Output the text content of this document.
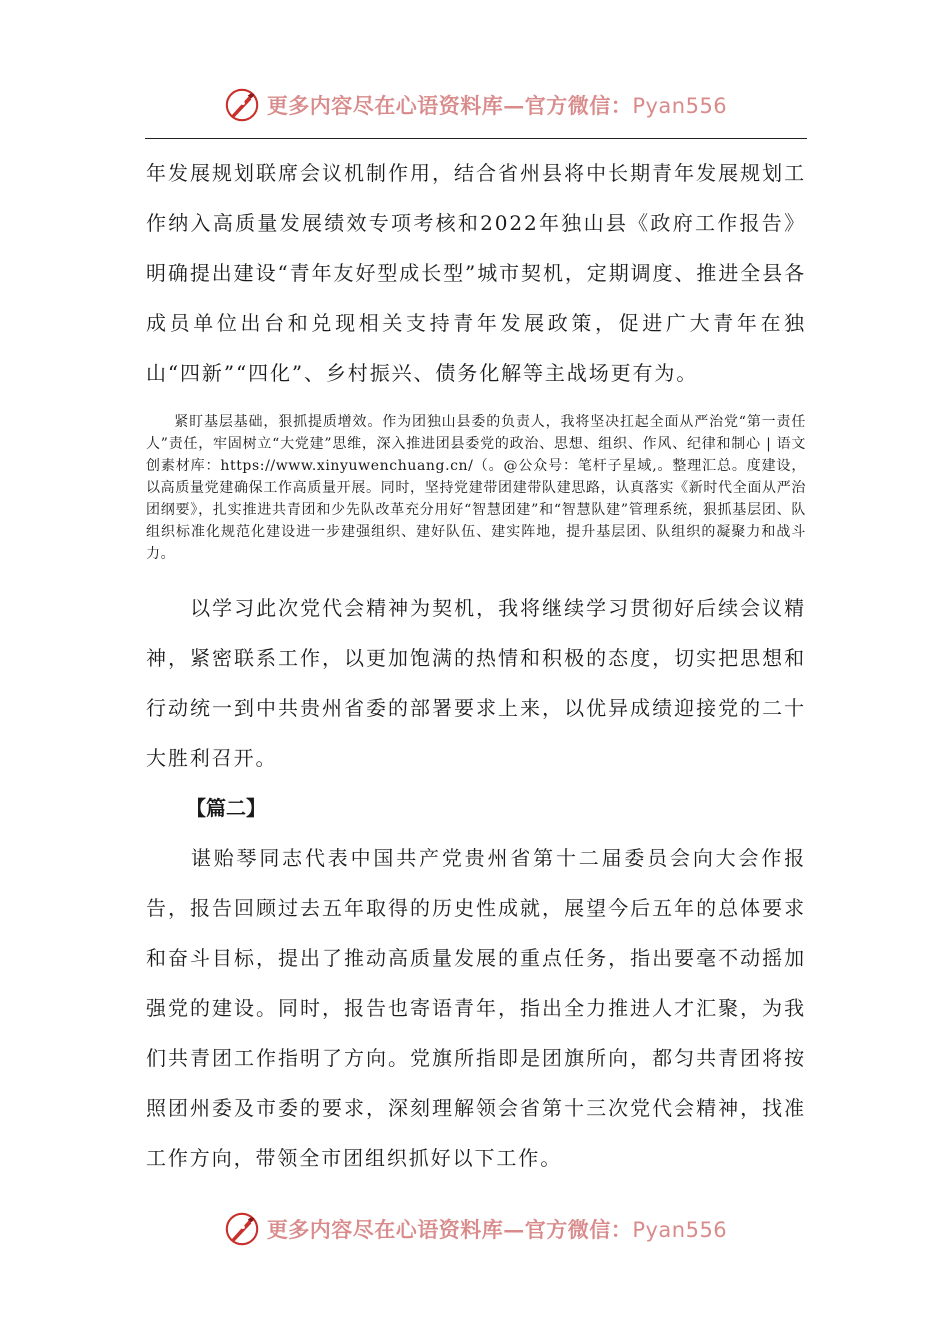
更多内容尽在心语资料库—官方微信：Pyan556

年发展规划联席会议机制作用，结合省州县将中长期青年发展规划工作纳入高质量发展绩效专项考核和2022年独山县《政府工作报告》明确提出建设“青年友好型成长型”城市契机，定期调度、推进全县各成员单位出台和兑现相关支持青年发展政策，促进广大青年在独山“四新”“四化”、乡村振兴、债务化解等主战场更有为。

紧盯基层基础，狠抓提质增效。作为团独山县委的负责人，我将坚决扛起全面从严治党“第一责任人”责任，牢固树立“大党建”思维，深入推进团县委党的政治、思想、组织、作风、纪律和制心 | 语文创素材库：https://www.xinyuwenchuang.cn/（。@公众号：笔杆子星域,。整理汇总。度建设，以高质量党建确保工作高质量开展。同时，坚持党建带团建带队建思路，认真落实《新时代全面从严治团纲要》，扎实推进共青团和少先队改革充分用好“智慧团建”和“智慧队建”管理系统，狠抓基层团、队组织标准化规范化建设进一步建强组织、建好队伍、建实阵地，提升基层团、队组织的凝聚力和战斗力。

以学习此次党代会精神为契机，我将继续学习贯彻好后续会议精神，紧密联系工作，以更加饱满的热情和积极的态度，切实把思想和行动统一到中共贵州省委的部署要求上来，以优异成绩迎接党的二十大胜利召开。

【篇二】

谌贻琴同志代表中国共产党贵州省第十二届委员会向大会作报告，报告回顾过去五年取得的历史性成就，展望今后五年的总体要求和奋斗目标，提出了推动高质量发展的重点任务，指出要毫不动摇加强党的建设。同时，报告也寄语青年，指出全力推进人才汇聚，为我们共青团工作指明了方向。党旗所指即是团旗所向，都匀共青团将按照团州委及市委的要求，深刻理解领会省第十三次党代会精神，找准工作方向，带领全市团组织抓好以下工作。

更多内容尽在心语资料库—官方微信：Pyan556
